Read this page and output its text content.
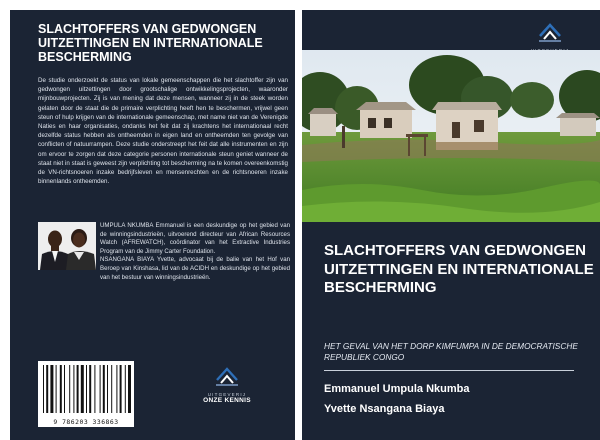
SLACHTOFFERS VAN GEDWONGEN UITZETTINGEN EN INTERNATIONALE BESCHERMING
De studie onderzoekt de status van lokale gemeenschappen die het slachtoffer zijn van gedwongen uitzettingen door grootschalige ontwikkelingsprojecten, waaronder mijnbouwprojecten. Zij is van mening dat deze mensen, wanneer zij in de steek worden gelaten door de staat die de primaire verplichting heeft hen te beschermen, vrijwel geen steun of hulp krijgen van de internationale gemeenschap, met name niet van de Verenigde Naties en haar organisaties, ondanks het feit dat zij krachtens het internationaal recht dezelfde status hebben als ontheemden in eigen land en ontheemden ten gevolge van conflicten of natuurrampen. Deze studie onderstreept het feit dat alle instrumenten en zijn om ervoor te zorgen dat deze categorie personen internationale steun geniet wanneer de staat niet in staat is geweest zijn verplichting tot bescherming na te komen overeenkomstig de VN-richtsnoeren inzake bedrijfsleven en mensenrechten en de richtsnoeren inzake binnenlands ontheemden.
UMPULA NKUMBA Emmanuel is een deskundige op het gebied van de winningsindustrieën, uitvoerend directeur van African Resources Watch (AFREWATCH), coördinator van het Extractive Industries Program van de Jimmy Carter Foundation.
NSANGANA BIAYA Yvette, advocaat bij de balie van het Hof van Beroep van Kinshasa, lid van de ACIDH en deskundige op het gebied van het bestuur van winningsindustrieën.
9 786203 336863
UITGEVERIJ
ONZE KENNIS
SLACHTOFFERS VAN GEDWONGEN UITZETTINGEN EN INTERNATIONALE BESCHERMING
HET GEVAL VAN HET DORP KIMFUMPA IN DE DEMOCRATISCHE REPUBLIEK CONGO
Emmanuel Umpula Nkumba
Yvette Nsangana Biaya
